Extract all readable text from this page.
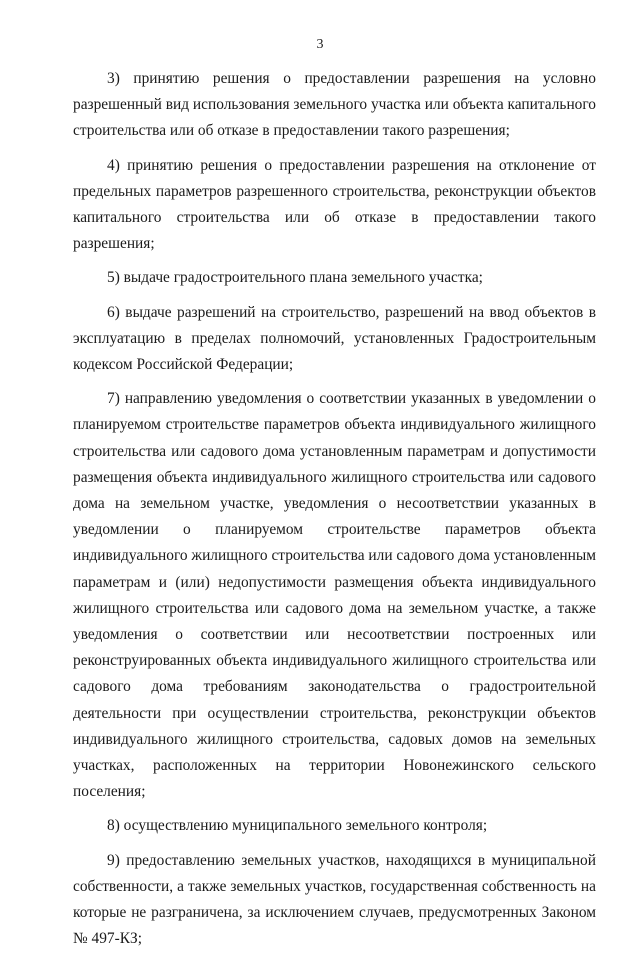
3

3) принятию решения о предоставлении разрешения на условно разрешенный вид использования земельного участка или объекта капитального строительства или об отказе в предоставлении такого разрешения;

4) принятию решения о предоставлении разрешения на отклонение от предельных параметров разрешенного строительства, реконструкции объектов капитального строительства или об отказе в предоставлении такого разрешения;

5) выдаче градостроительного плана земельного участка;

6) выдаче разрешений на строительство, разрешений на ввод объектов в эксплуатацию в пределах полномочий, установленных Градостроительным кодексом Российской Федерации;

7) направлению уведомления о соответствии указанных в уведомлении о планируемом строительстве параметров объекта индивидуального жилищного строительства или садового дома установленным параметрам и допустимости размещения объекта индивидуального жилищного строительства или садового дома на земельном участке, уведомления о несоответствии указанных в уведомлении о планируемом строительстве параметров объекта индивидуального жилищного строительства или садового дома установленным параметрам и (или) недопустимости размещения объекта индивидуального жилищного строительства или садового дома на земельном участке, а также уведомления о соответствии или несоответствии построенных или реконструированных объекта индивидуального жилищного строительства или садового дома требованиям законодательства о градостроительной деятельности при осуществлении строительства, реконструкции объектов индивидуального жилищного строительства, садовых домов на земельных участках, расположенных на территории Новонежинского сельского поселения;

8) осуществлению муниципального земельного контроля;

9) предоставлению земельных участков, находящихся в муниципальной собственности, а также земельных участков, государственная собственность на которые не разграничена, за исключением случаев, предусмотренных Законом № 497-КЗ;
